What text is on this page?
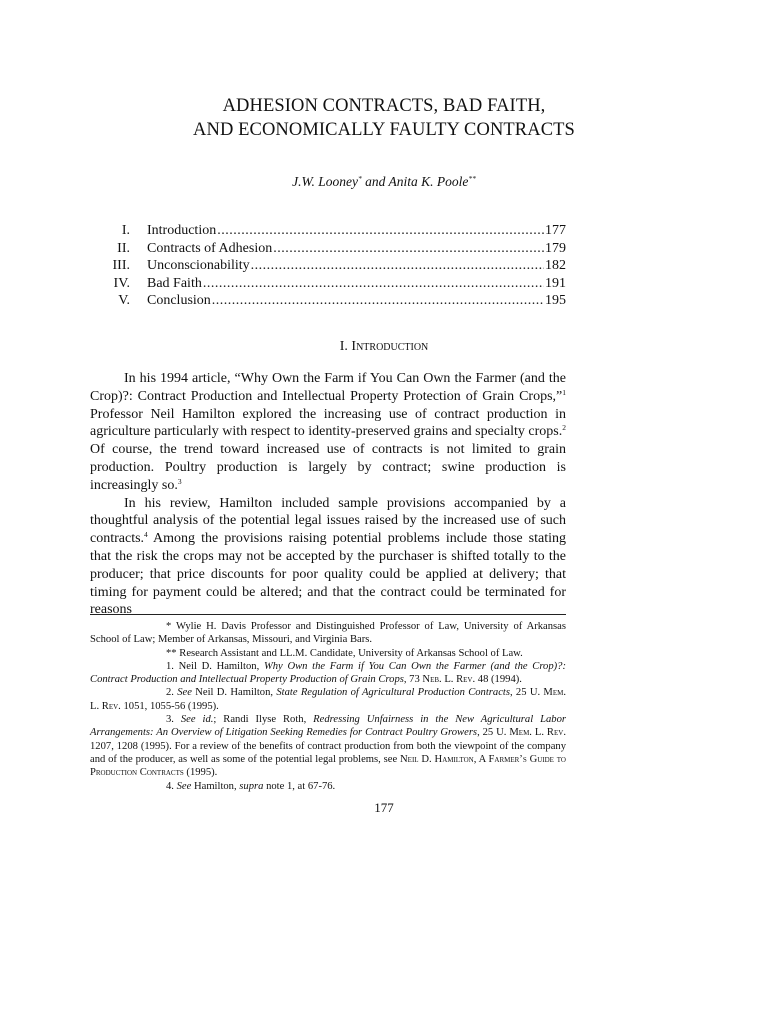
ADHESION CONTRACTS, BAD FAITH,
AND ECONOMICALLY FAULTY CONTRACTS
J.W. Looney* and Anita K. Poole**
I. Introduction .....	177
II. Contracts of Adhesion .....	179
III. Unconscionability .....	182
IV. Bad Faith .....	191
V. Conclusion .....	195
I. Introduction

In his 1994 article, “Why Own the Farm if You Can Own the Farmer (and the Crop)?: Contract Production and Intellectual Property Protection of Grain Crops,”$^1$ Professor Neil Hamilton explored the increasing use of contract production in agriculture particularly with respect to identity-preserved grains and specialty crops.$^2$ Of course, the trend toward increased use of contracts is not limited to grain production. Poultry production is largely by contract; swine production is increasingly so.$^3$

In his review, Hamilton included sample provisions accompanied by a thoughtful analysis of the potential legal issues raised by the increased use of such contracts.$^4$ Among the provisions raising potential problems include those stating that the risk the crops may not be accepted by the purchaser is shifted totally to the producer; that price discounts for poor quality could be applied at delivery; that timing for payment could be altered; and that the contract could be terminated for reasons

* Wylie H. Davis Professor and Distinguished Professor of Law, University of Arkansas School of Law; Member of Arkansas, Missouri, and Virginia Bars.

** Research Assistant and LL.M. Candidate, University of Arkansas School of Law.

1. Neil D. Hamilton, Why Own the Farm if You Can Own the Farmer (and the Crop)?: Contract Production and Intellectual Property Production of Grain Crops, 73 Neb. L. Rev. 48 (1994).

2. See Neil D. Hamilton, State Regulation of Agricultural Production Contracts, 25 U. Mem. L. Rev. 1051, 1055-56 (1995).

3. See id.; Randi Ilyse Roth, Redressing Unfairness in the New Agricultural Labor Arrangements: An Overview of Litigation Seeking Remedies for Contract Poultry Growers, 25 U. Mem. L. Rev. 1207, 1208 (1995). For a review of the benefits of contract production from both the viewpoint of the company and of the producer, as well as some of the potential legal problems, see Neil D. Hamilton, A Farmer’s Guide to Production Contracts (1995).

4. See Hamilton, supra note 1, at 67-76.

177
